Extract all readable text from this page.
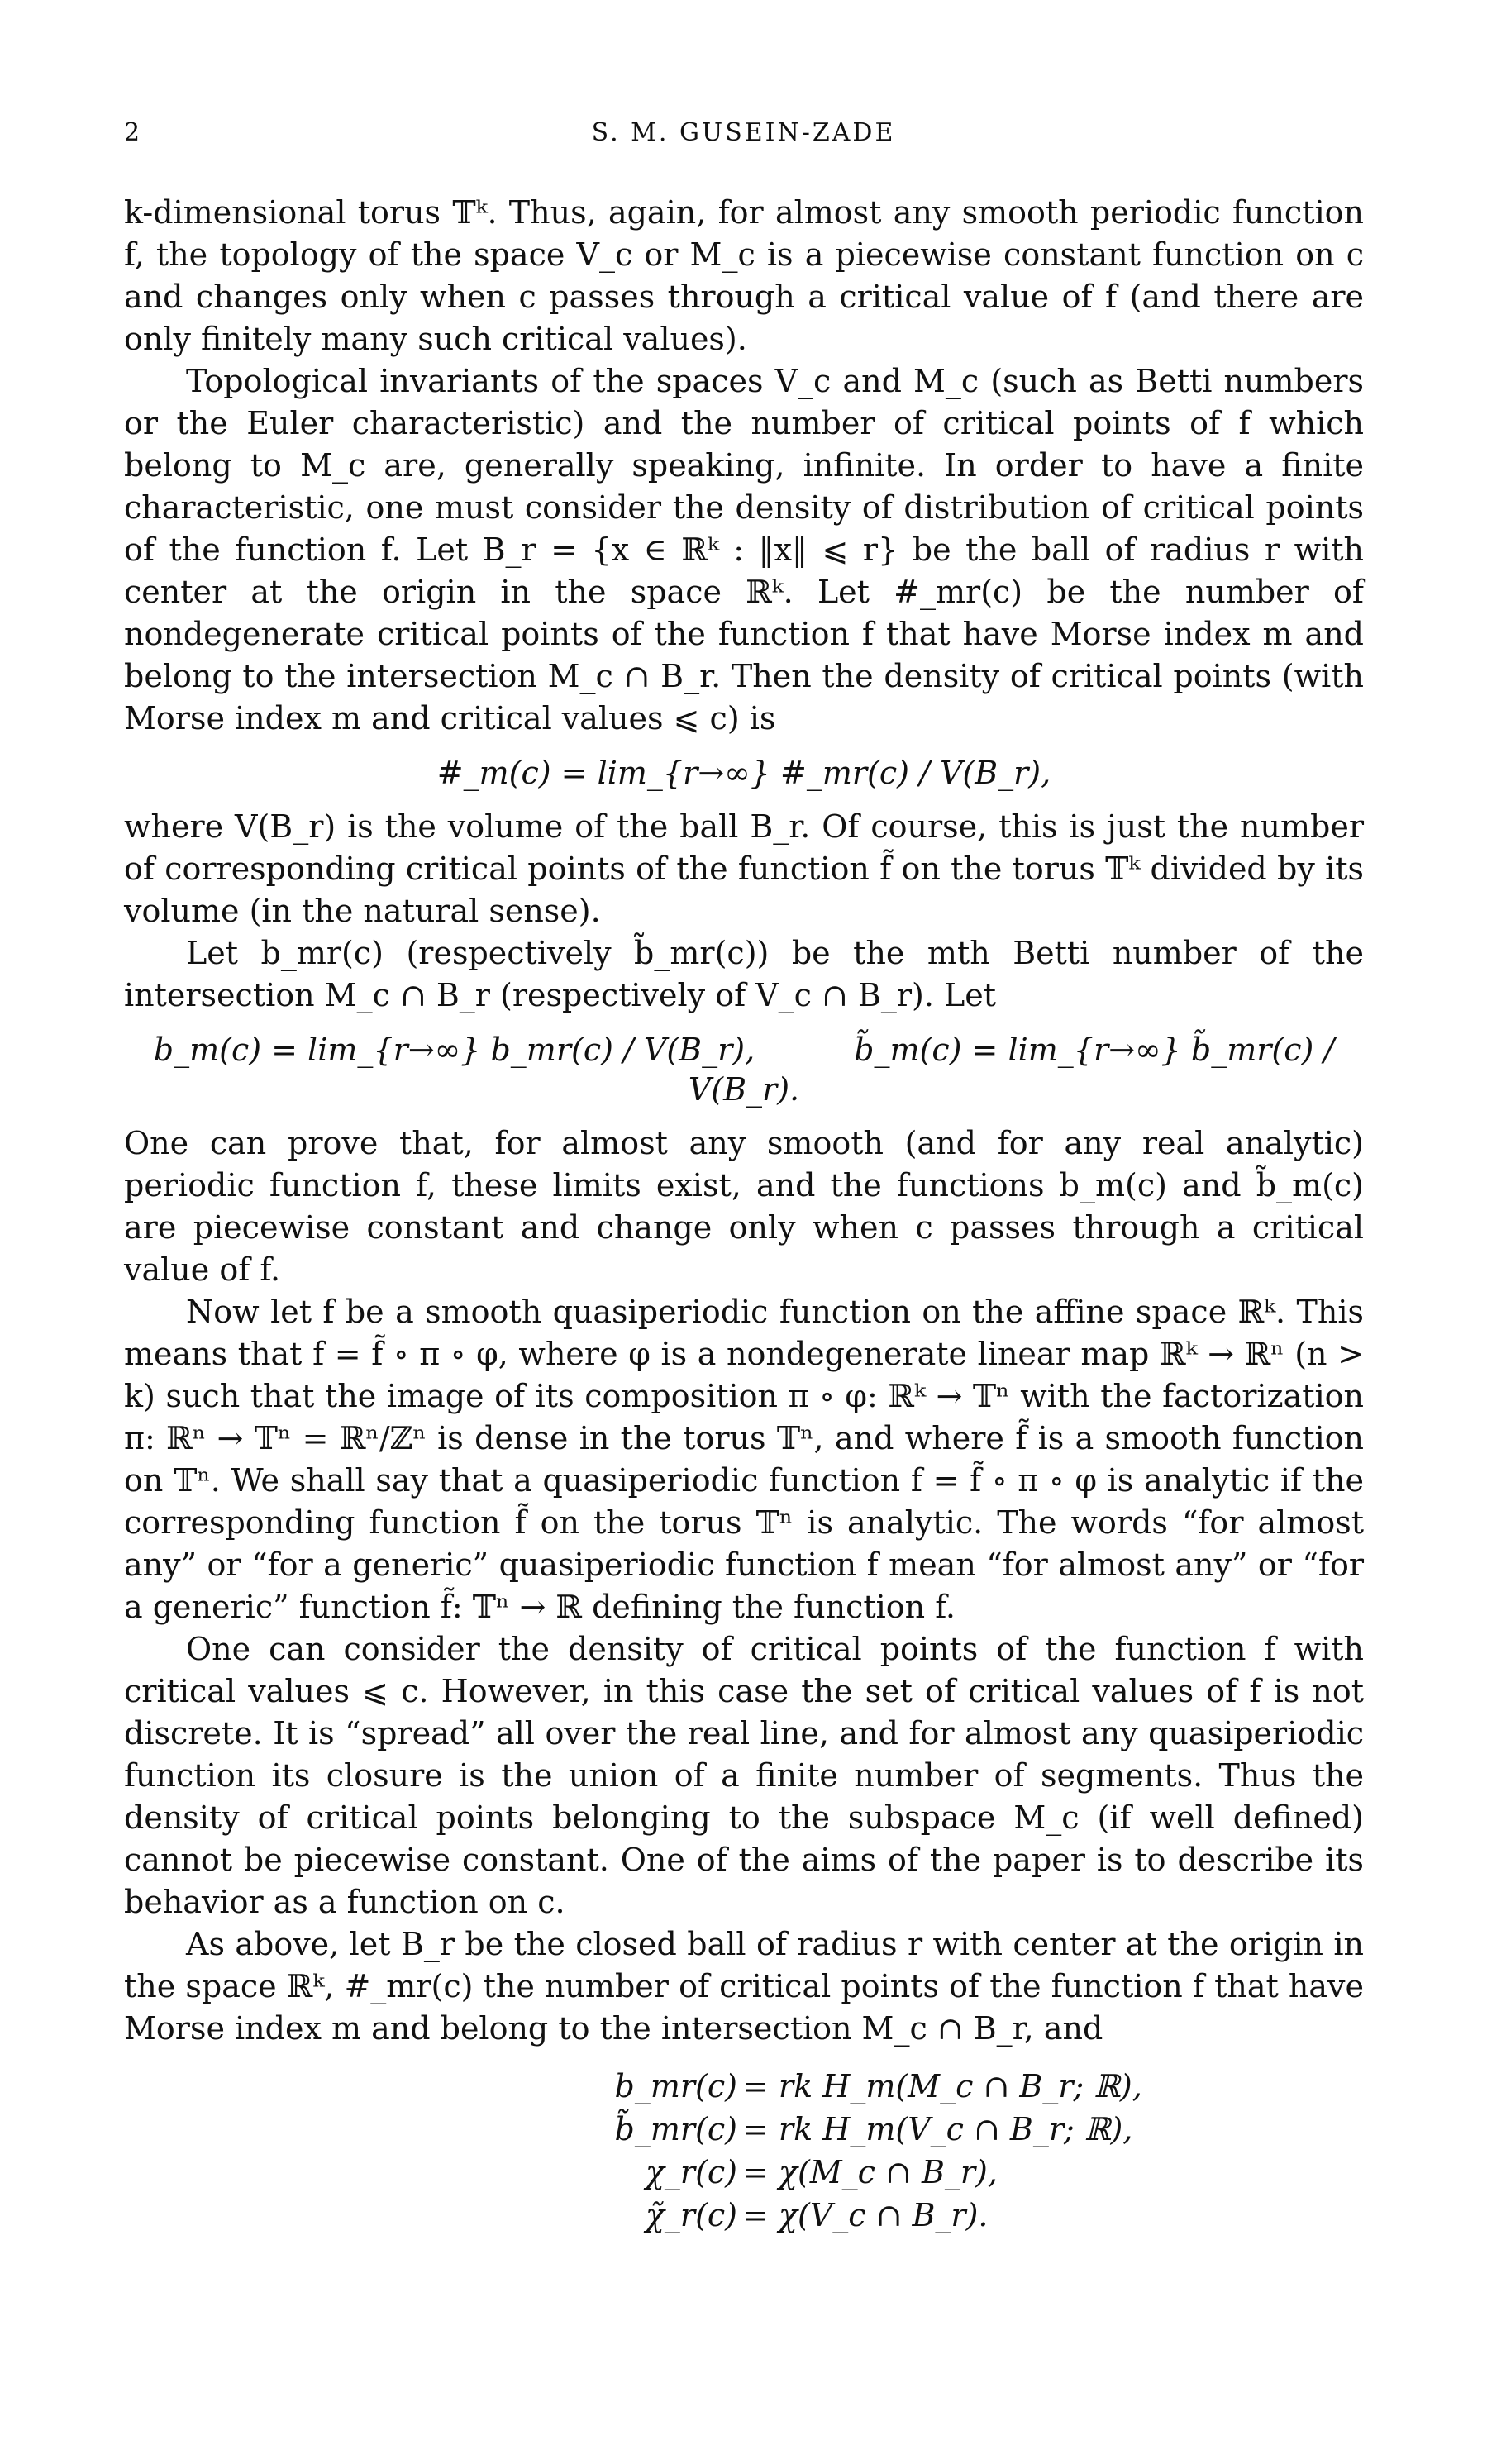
2	S. M. GUSEIN-ZADE

k-dimensional torus 𝕋ᵏ. Thus, again, for almost any smooth periodic function f, the topology of the space V_c or M_c is a piecewise constant function on c and changes only when c passes through a critical value of f (and there are only finitely many such critical values).

Topological invariants of the spaces V_c and M_c (such as Betti numbers or the Euler characteristic) and the number of critical points of f which belong to M_c are, generally speaking, infinite. In order to have a finite characteristic, one must consider the density of distribution of critical points of the function f. Let B_r = {x ∈ ℝᵏ : ‖x‖ ⩽ r} be the ball of radius r with center at the origin in the space ℝᵏ. Let #_mr(c) be the number of nondegenerate critical points of the function f that have Morse index m and belong to the intersection M_c ∩ B_r. Then the density of critical points (with Morse index m and critical values ⩽ c) is

#_m(c) = lim_{r→∞} #_mr(c) / V(B_r),

where V(B_r) is the volume of the ball B_r. Of course, this is just the number of corresponding critical points of the function f̃ on the torus 𝕋ᵏ divided by its volume (in the natural sense).

Let b_mr(c) (respectively b̃_mr(c)) be the mth Betti number of the intersection M_c ∩ B_r (respectively of V_c ∩ B_r). Let

b_m(c) = lim_{r→∞} b_mr(c) / V(B_r),	b̃_m(c) = lim_{r→∞} b̃_mr(c) / V(B_r).

One can prove that, for almost any smooth (and for any real analytic) periodic function f, these limits exist, and the functions b_m(c) and b̃_m(c) are piecewise constant and change only when c passes through a critical value of f.

Now let f be a smooth quasiperiodic function on the affine space ℝᵏ. This means that f = f̃ ∘ π ∘ φ, where φ is a nondegenerate linear map ℝᵏ → ℝⁿ (n > k) such that the image of its composition π ∘ φ: ℝᵏ → 𝕋ⁿ with the factorization π: ℝⁿ → 𝕋ⁿ = ℝⁿ/ℤⁿ is dense in the torus 𝕋ⁿ, and where f̃ is a smooth function on 𝕋ⁿ. We shall say that a quasiperiodic function f = f̃ ∘ π ∘ φ is analytic if the corresponding function f̃ on the torus 𝕋ⁿ is analytic. The words “for almost any” or “for a generic” quasiperiodic function f mean “for almost any” or “for a generic” function f̃: 𝕋ⁿ → ℝ defining the function f.

One can consider the density of critical points of the function f with critical values ⩽ c. However, in this case the set of critical values of f is not discrete. It is “spread” all over the real line, and for almost any quasiperiodic function its closure is the union of a finite number of segments. Thus the density of critical points belonging to the subspace M_c (if well defined) cannot be piecewise constant. One of the aims of the paper is to describe its behavior as a function on c.

As above, let B_r be the closed ball of radius r with center at the origin in the space ℝᵏ, #_mr(c) the number of critical points of the function f that have Morse index m and belong to the intersection M_c ∩ B_r, and

b_mr(c) = rk H_m(M_c ∩ B_r; ℝ),
b̃_mr(c) = rk H_m(V_c ∩ B_r; ℝ),
χ_r(c) = χ(M_c ∩ B_r),
χ̃_r(c) = χ(V_c ∩ B_r).
